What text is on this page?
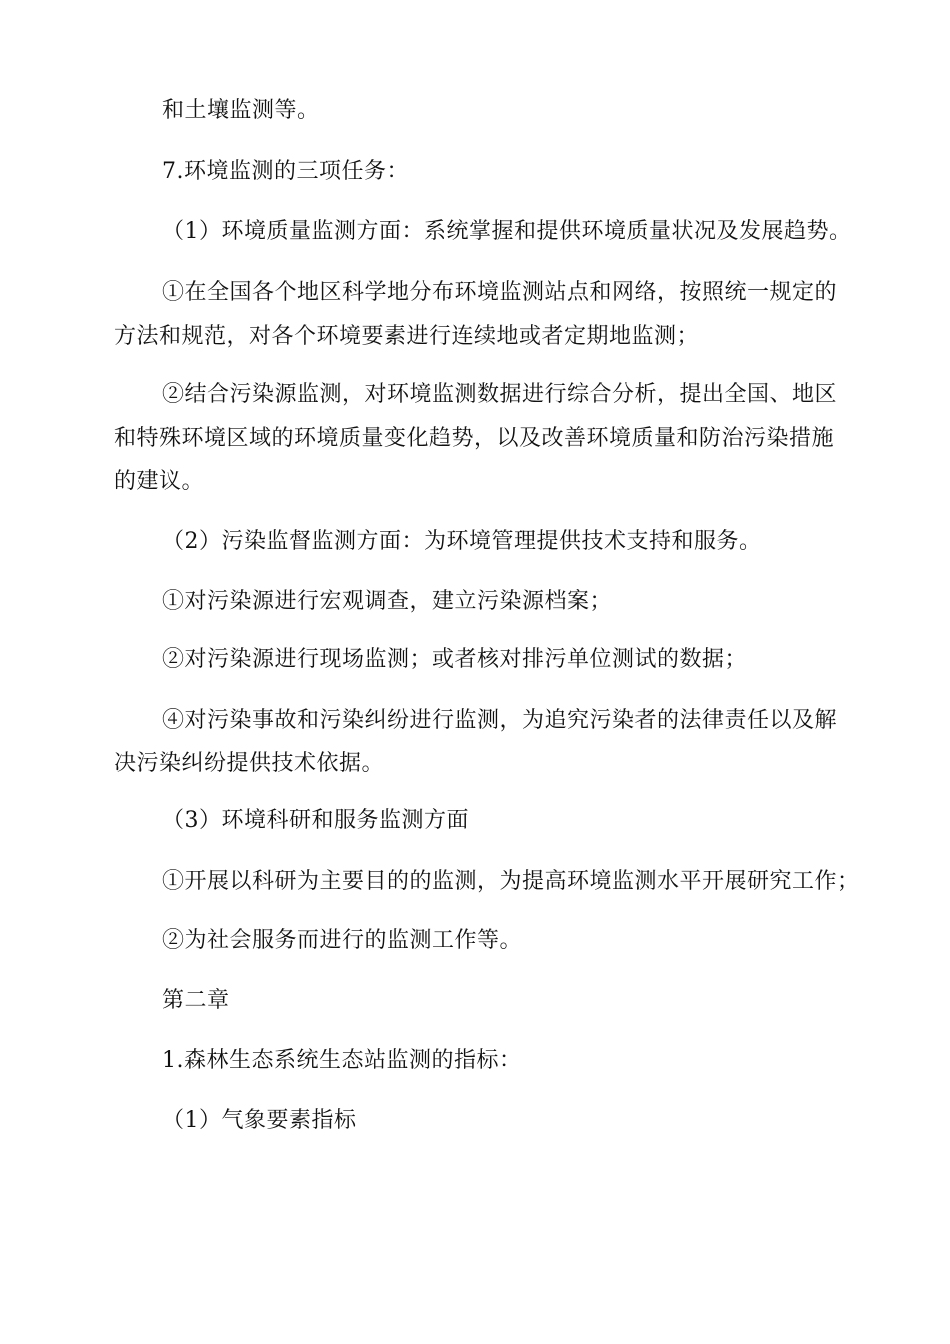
和土壤监测等。
7.环境监测的三项任务：
（1）环境质量监测方面：系统掌握和提供环境质量状况及发展趋势。
①在全国各个地区科学地分布环境监测站点和网络，按照统一规定的
方法和规范，对各个环境要素进行连续地或者定期地监测；
②结合污染源监测，对环境监测数据进行综合分析，提出全国、地区
和特殊环境区域的环境质量变化趋势，以及改善环境质量和防治污染措施
的建议。
（2）污染监督监测方面：为环境管理提供技术支持和服务。
①对污染源进行宏观调查，建立污染源档案；
②对污染源进行现场监测；或者核对排污单位测试的数据；
④对污染事故和污染纠纷进行监测，为追究污染者的法律责任以及解
决污染纠纷提供技术依据。
（3）环境科研和服务监测方面
①开展以科研为主要目的的监测，为提高环境监测水平开展研究工作；
②为社会服务而进行的监测工作等。
第二章
1.森林生态系统生态站监测的指标：
（1）气象要素指标
